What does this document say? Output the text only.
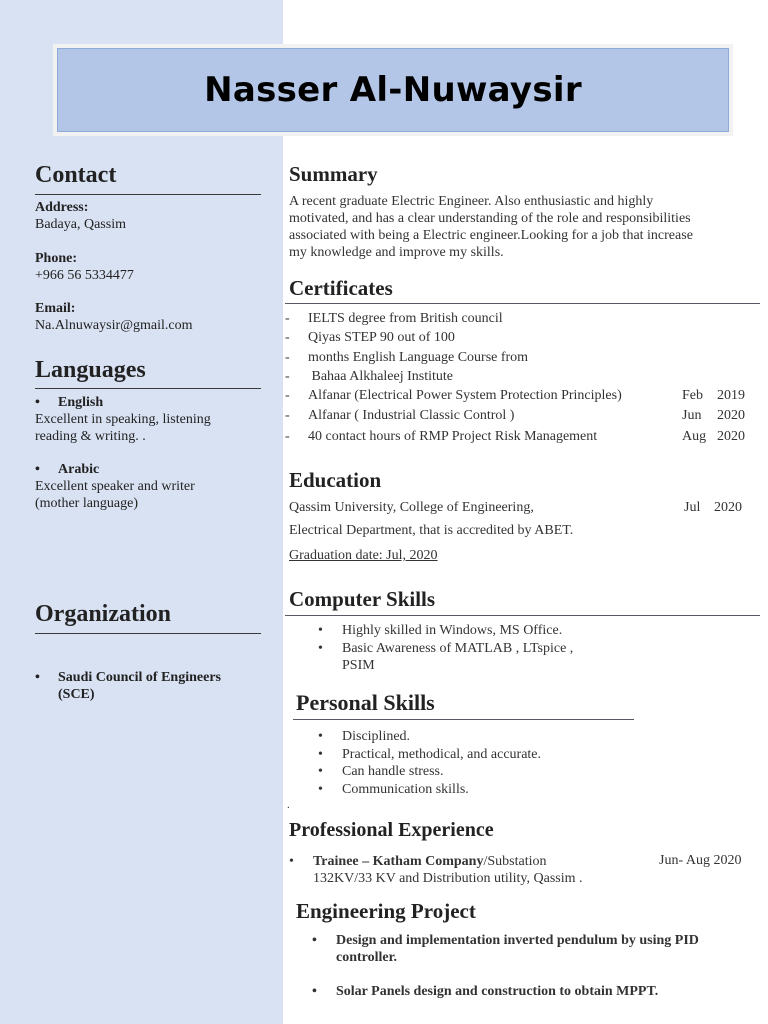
Nasser Al-Nuwaysir
Contact
Address:
Badaya, Qassim
Phone:
+966 56 5334477
Email:
Na.Alnuwaysir@gmail.com
Languages
• English
Excellent in speaking, listening
reading & writing. .
• Arabic
Excellent speaker and writer
(mother language)
Organization
• Saudi Council of Engineers
(SCE)
Summary
A recent graduate Electric Engineer. Also enthusiastic and highly
motivated, and has a clear understanding of the role and responsibilities
associated with being a Electric engineer.Looking for a job that increase
my knowledge and improve my skills.
Certificates
- IELTS degree from British council
- Qiyas STEP 90 out of 100
- months English Language Course from
- Bahaa Alkhaleej Institute
- Alfanar (Electrical Power System Protection Principles)
- Alfanar ( Industrial Classic Control )
- 40 contact hours of RMP Project Risk Management
Feb 2019
Jun 2020
Aug 2020
Education
Qassim University, College of Engineering,	Jul 2020
Electrical Department, that is accredited by ABET.
Graduation date: Jul, 2020
Computer Skills
• Highly skilled in Windows, MS Office.
• Basic Awareness of MATLAB , LTspice ,
PSIM
Personal Skills
• Disciplined.
• Practical, methodical, and accurate.
• Can handle stress.
• Communication skills.
.
Professional Experience
• Trainee – Katham Company/Substation
132KV/33 KV and Distribution utility, Qassim .
Jun- Aug 2020
Engineering Project
• Design and implementation inverted pendulum by using PID
controller.
• Solar Panels design and construction to obtain MPPT.
